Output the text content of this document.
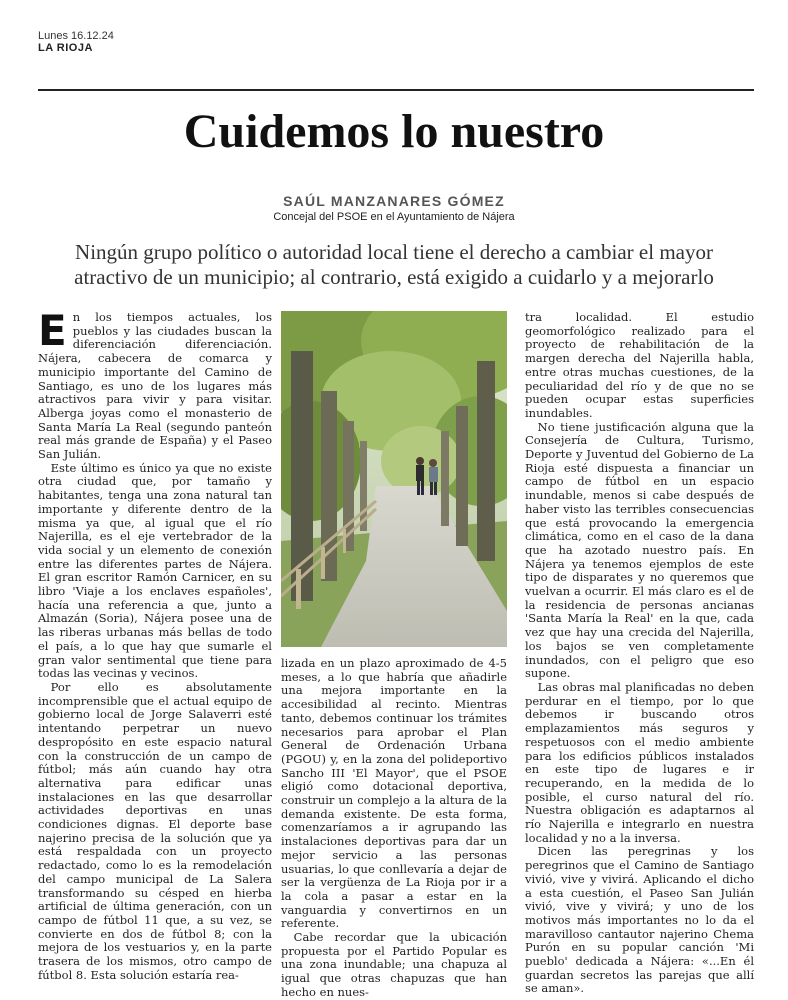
Lunes 16.12.24
LA RIOJA
Cuidemos lo nuestro
SAÚL MANZANARES GÓMEZ
Concejal del PSOE en el Ayuntamiento de Nájera
Ningún grupo político o autoridad local tiene el derecho a cambiar el mayor atractivo de un municipio; al contrario, está exigido a cuidarlo y a mejorarlo

En los tiempos actuales, los pueblos y las ciudades buscan la diferenciación diferenciación. Nájera, cabecera de comarca y municipio importante del Camino de Santiago, es uno de los lugares más atractivos para vivir y para visitar. Alberga joyas como el monasterio de Santa María La Real (segundo panteón real más grande de España) y el Paseo San Julián.

Este último es único ya que no existe otra ciudad que, por tamaño y habitantes, tenga una zona natural tan importante y diferente dentro de la misma ya que, al igual que el río Najerilla, es el eje vertebrador de la vida social y un elemento de conexión entre las diferentes partes de Nájera. El gran escritor Ramón Carnicer, en su libro 'Viaje a los enclaves españoles', hacía una referencia a que, junto a Almazán (Soria), Nájera posee una de las riberas urbanas más bellas de todo el país, a lo que hay que sumarle el gran valor sentimental que tiene para todas las vecinas y vecinos.

Por ello es absolutamente incomprensible que el actual equipo de gobierno local de Jorge Salaverri esté intentando perpetrar un nuevo despropósito en este espacio natural con la construcción de un campo de fútbol; más aún cuando hay otra alternativa para edificar unas instalaciones en las que desarrollar actividades deportivas en unas condiciones dignas. El deporte base najerino precisa de la solución que ya está respaldada con un proyecto redactado, como lo es la remodelación del campo municipal de La Salera transformando su césped en hierba artificial de última generación, con un campo de fútbol 11 que, a su vez, se convierte en dos de fútbol 8; con la mejora de los vestuarios y, en la parte trasera de los mismos, otro campo de fútbol 8. Esta solución estaría rea-

lizada en un plazo aproximado de 4-5 meses, a lo que habría que añadirle una mejora importante en la accesibilidad al recinto. Mientras tanto, debemos continuar los trámites necesarios para aprobar el Plan General de Ordenación Urbana (PGOU) y, en la zona del polideportivo Sancho III 'El Mayor', que el PSOE eligió como dotacional deportiva, construir un complejo a la altura de la demanda existente. De esta forma, comenzaríamos a ir agrupando las instalaciones deportivas para dar un mejor servicio a las personas usuarias, lo que conllevaría a dejar de ser la vergüenza de La Rioja por ir a la cola a pasar a estar en la vanguardia y convertirnos en un referente.

Cabe recordar que la ubicación propuesta por el Partido Popular es una zona inundable; una chapuza al igual que otras chapuzas que han hecho en nues-

tra localidad. El estudio geomorfológico realizado para el proyecto de rehabilitación de la margen derecha del Najerilla habla, entre otras muchas cuestiones, de la peculiaridad del río y de que no se pueden ocupar estas superficies inundables.

No tiene justificación alguna que la Consejería de Cultura, Turismo, Deporte y Juventud del Gobierno de La Rioja esté dispuesta a financiar un campo de fútbol en un espacio inundable, menos si cabe después de haber visto las terribles consecuencias que está provocando la emergencia climática, como en el caso de la dana que ha azotado nuestro país. En Nájera ya tenemos ejemplos de este tipo de disparates y no queremos que vuelvan a ocurrir. El más claro es el de la residencia de personas ancianas 'Santa María la Real' en la que, cada vez que hay una crecida del Najerilla, los bajos se ven completamente inundados, con el peligro que eso supone.

Las obras mal planificadas no deben perdurar en el tiempo, por lo que debemos ir buscando otros emplazamientos más seguros y respetuosos con el medio ambiente para los edificios públicos instalados en este tipo de lugares e ir recuperando, en la medida de lo posible, el curso natural del río. Nuestra obligación es adaptarnos al río Najerilla e integrarlo en nuestra localidad y no a la inversa.

Dicen las peregrinas y los peregrinos que el Camino de Santiago vivió, vive y vivirá. Aplicando el dicho a esta cuestión, el Paseo San Julián vivió, vive y vivirá; y uno de los motivos más importantes no lo da el maravilloso cantautor najerino Chema Purón en su popular canción 'Mi pueblo' dedicada a Nájera: «...En él guardan secretos las parejas que allí se aman».
